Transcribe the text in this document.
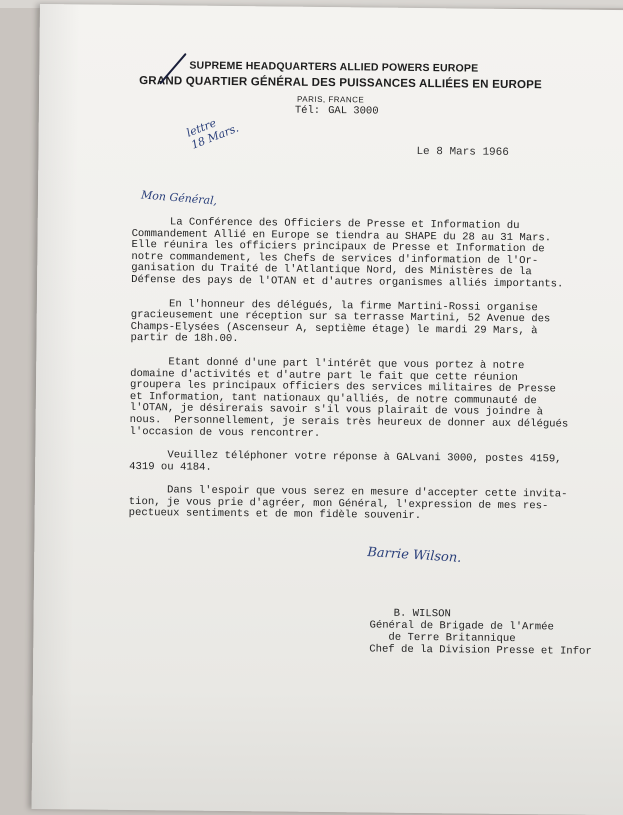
SUPREME HEADQUARTERS ALLIED POWERS EUROPE
GRAND QUARTIER GÉNÉRAL DES PUISSANCES ALLIÉES EN EUROPE
PARIS, FRANCE
Tél: GAL 3000
lettre
18 Mars.
Le 8 Mars 1966
Mon Général,

La Conférence des Officiers de Presse et Information du
Commandement Allié en Europe se tiendra au SHAPE du 28 au 31 Mars.
Elle réunira les officiers principaux de Presse et Information de
notre commandement, les Chefs de services d'information de l'Or-
ganisation du Traité de l'Atlantique Nord, des Ministères de la
Défense des pays de l'OTAN et d'autres organismes alliés importants.

En l'honneur des délégués, la firme Martini-Rossi organise
gracieusement une réception sur sa terrasse Martini, 52 Avenue des
Champs-Elysées (Ascenseur A, septième étage) le mardi 29 Mars, à
partir de 18h.00.

Etant donné d'une part l'intérêt que vous portez à notre
domaine d'activités et d'autre part le fait que cette réunion
groupera les principaux officiers des services militaires de Presse
et Information, tant nationaux qu'alliés, de notre communauté de
l'OTAN, je désirerais savoir s'il vous plairait de vous joindre à
nous.  Personnellement, je serais très heureux de donner aux délégués
l'occasion de vous rencontrer.

Veuillez téléphoner votre réponse à GALvani 3000, postes 4159,
4319 ou 4184.

Dans l'espoir que vous serez en mesure d'accepter cette invita-
tion, je vous prie d'agréer, mon Général, l'expression de mes res-
pectueux sentiments et de mon fidèle souvenir.

Barrie Wilson.
B. WILSON
Général de Brigade de l'Armée
de Terre Britannique
Chef de la Division Presse et Infor
